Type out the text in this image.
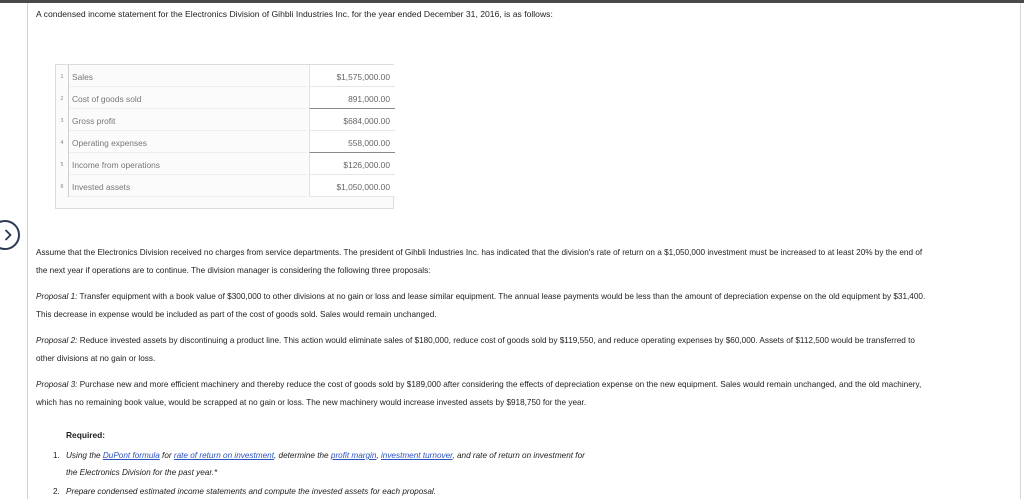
A condensed income statement for the Electronics Division of Gihbli Industries Inc. for the year ended December 31, 2016, is as follows:
1	Sales	$1,575,000.00
2	Cost of goods sold	891,000.00
3	Gross profit	$684,000.00
4	Operating expenses	558,000.00
5	Income from operations	$126,000.00
6	Invested assets	$1,050,000.00
Assume that the Electronics Division received no charges from service departments. The president of Gihbli Industries Inc. has indicated that the division's rate of return on a $1,050,000 investment must be increased to at least 20% by the end of
the next year if operations are to continue. The division manager is considering the following three proposals:
Proposal 1: Transfer equipment with a book value of $300,000 to other divisions at no gain or loss and lease similar equipment. The annual lease payments would be less than the amount of depreciation expense on the old equipment by $31,400.
This decrease in expense would be included as part of the cost of goods sold. Sales would remain unchanged.
Proposal 2: Reduce invested assets by discontinuing a product line. This action would eliminate sales of $180,000, reduce cost of goods sold by $119,550, and reduce operating expenses by $60,000. Assets of $112,500 would be transferred to
other divisions at no gain or loss.
Proposal 3: Purchase new and more efficient machinery and thereby reduce the cost of goods sold by $189,000 after considering the effects of depreciation expense on the new equipment. Sales would remain unchanged, and the old machinery,
which has no remaining book value, would be scrapped at no gain or loss. The new machinery would increase invested assets by $918,750 for the year.
Required:
1. Using the DuPont formula for rate of return on investment, determine the profit margin, investment turnover, and rate of return on investment for
the Electronics Division for the past year.*
2. Prepare condensed estimated income statements and compute the invested assets for each proposal.
